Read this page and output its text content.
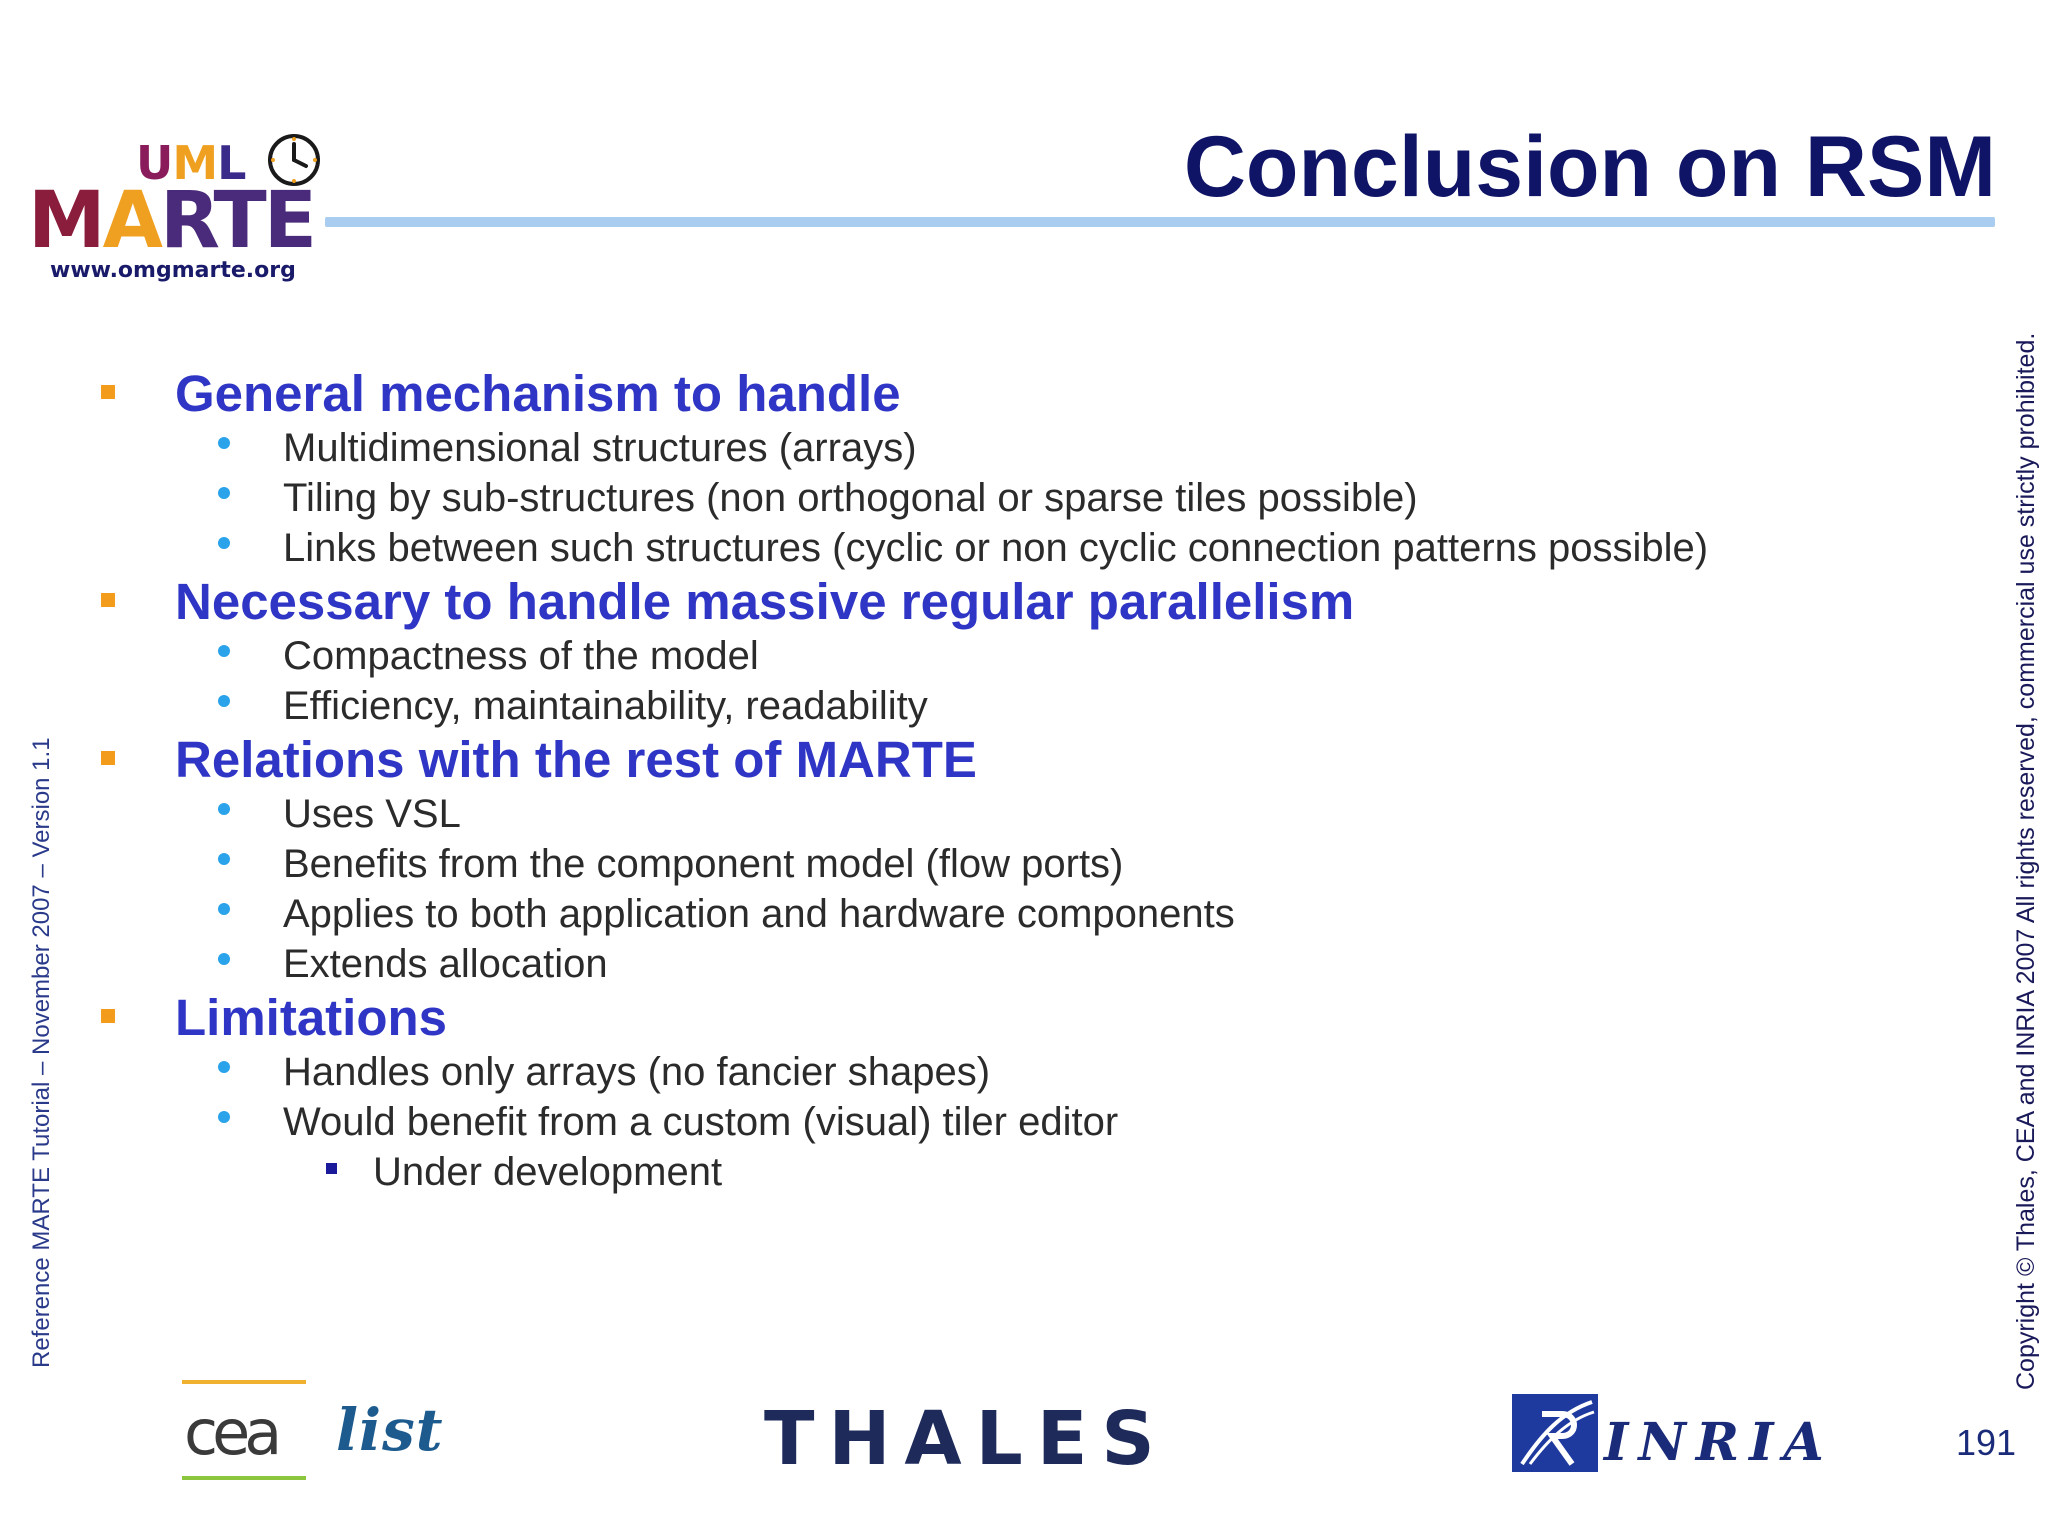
UML
MARTE
www.omgmarte.org
Conclusion on RSM
General mechanism to handle
Multidimensional structures (arrays)
Tiling by sub-structures (non orthogonal or sparse tiles possible)
Links between such structures (cyclic or non cyclic connection patterns possible)
Necessary to handle massive regular parallelism
Compactness of the model
Efficiency, maintainability, readability
Relations with the rest of MARTE
Uses VSL
Benefits from the component model (flow ports)
Applies to both application and hardware components
Extends allocation
Limitations
Handles only arrays (no fancier shapes)
Would benefit from a custom (visual) tiler editor
Under development
Reference MARTE Tutorial – November 2007 – Version 1.1	Copyright © Thales, CEA and INRIA 2007 All rights reserved, commercial use strictly prohibited.
cea list	THALES	INRIA	191
